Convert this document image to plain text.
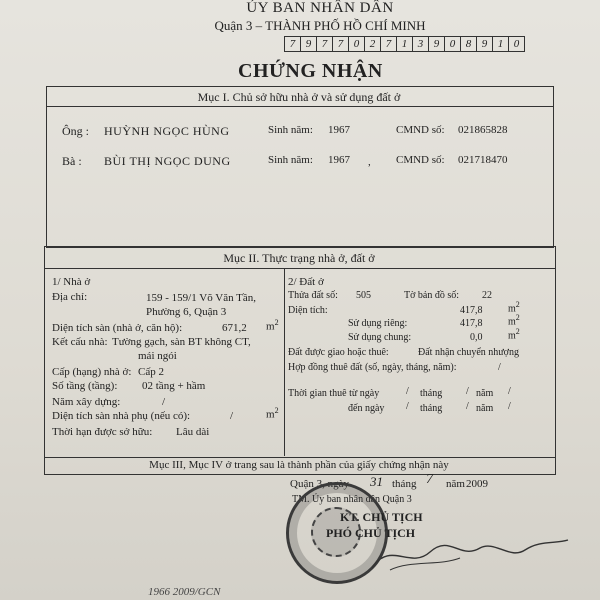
ỦY BAN NHÂN DÂN
Quận 3 – THÀNH PHỐ HỒ CHÍ MINH
7 9 7 7 0 2 7 1 3 9 0 8 9 1 0
CHỨNG NHẬN
Mục I. Chủ sở hữu nhà ở và sử dụng đất ở
Ông : HUỲNH NGỌC HÙNG	Sinh năm: 1967	CMND số: 021865828
Bà : BÙI THỊ NGỌC DUNG	Sinh năm: 1967 , CMND số: 021718470
Mục II. Thực trạng nhà ở, đất ở
1/ Nhà ở
Địa chỉ:	159 - 159/1 Võ Văn Tần,
Phường 6, Quận 3
Diện tích sàn (nhà ở, căn hộ):	671,2 $m^2$
Kết cấu nhà: Tường gạch, sàn BT không CT,
mái ngói
Cấp (hạng) nhà ở: Cấp 2
Số tầng (tầng): 02 tầng + hầm
Năm xây dựng:	/
Diện tích sàn nhà phụ (nếu có):	/	$m^2$
Thời hạn được sở hữu: Lâu dài
2/ Đất ở
Thửa đất số: 505	Tờ bản đồ số: 22
Diện tích:	417,8	$m^2$
Sử dụng riêng:	417,8	$m^2$
Sử dụng chung:	0,0	$m^2$
Đất được giao hoặc thuê:	Đất nhận chuyển nhượng
Hợp đồng thuê đất (số, ngày, tháng, năm):	/
Thời gian thuê từ ngày	/ tháng / năm /
đến ngày / tháng / năm /
Mục III, Mục IV ở trang sau là thành phần của giấy chứng nhận này
Quận 3, ngày 31 tháng 7 năm 2009
TM. Ủy ban nhân dân Quận 3
KT. CHỦ TỊCH
PHÓ CHỦ TỊCH
1966 2009/GCN
